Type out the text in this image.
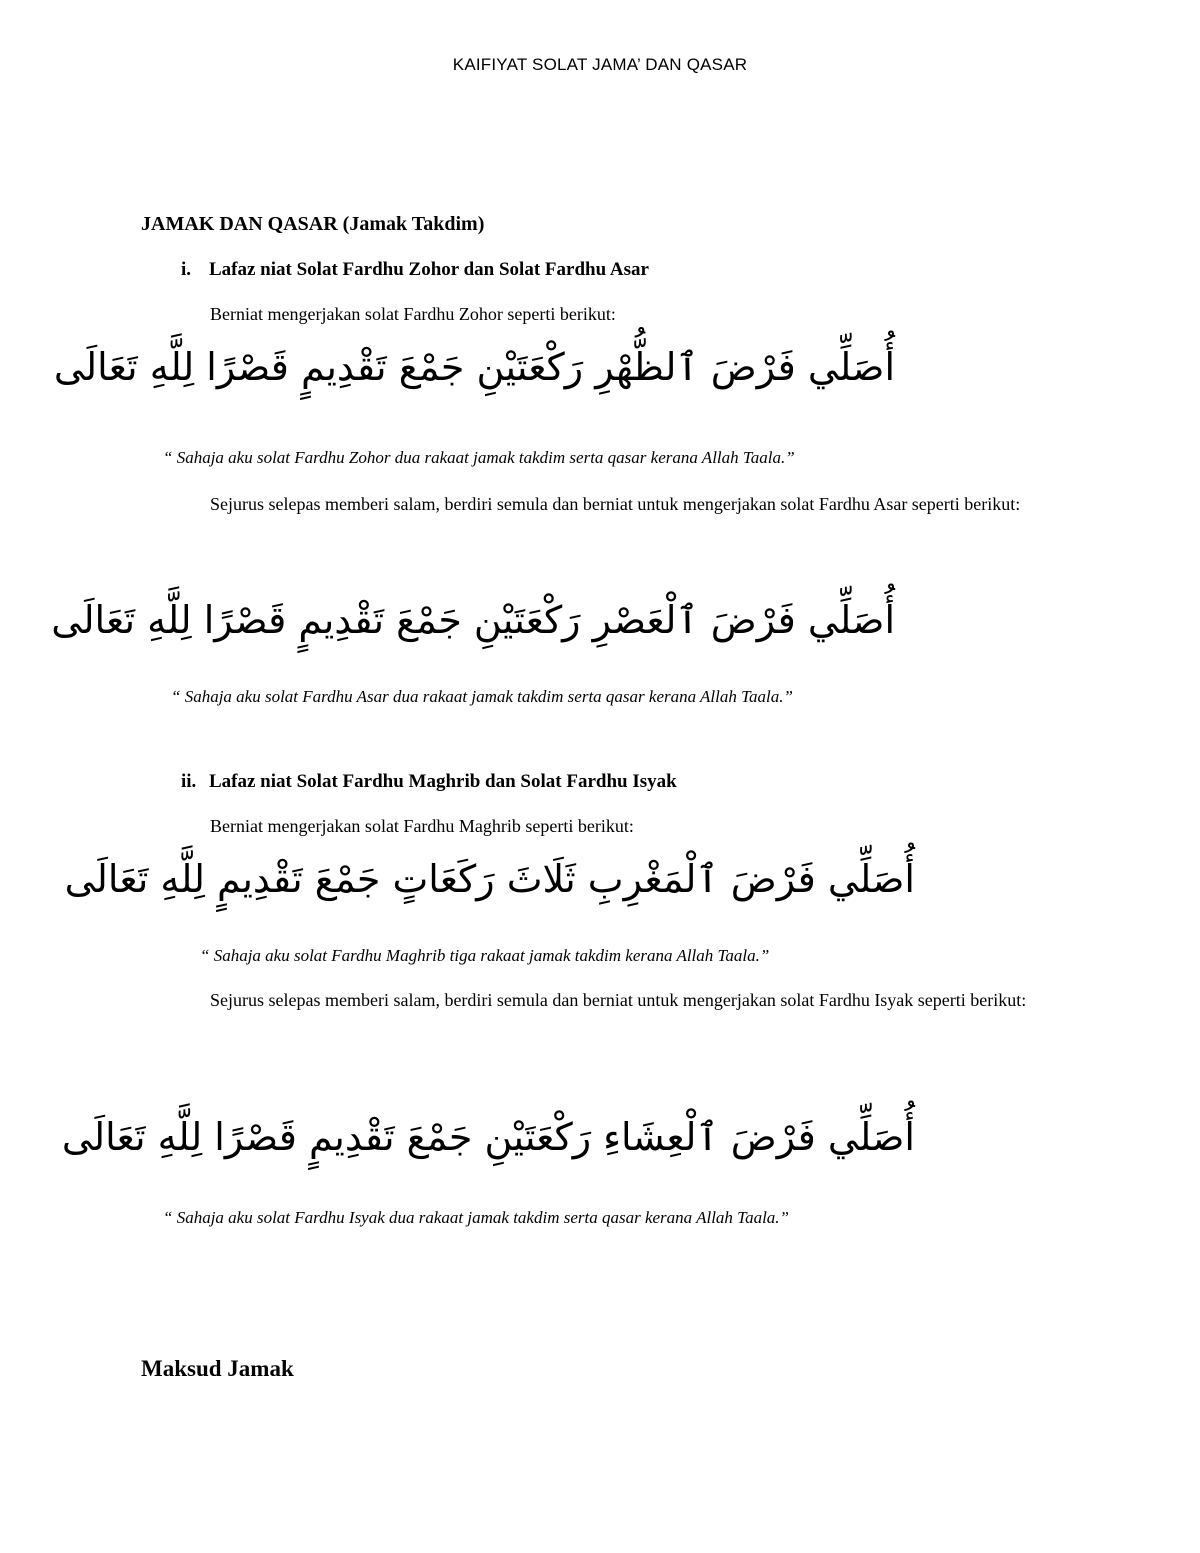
KAIFIYAT SOLAT JAMA’ DAN QASAR
JAMAK DAN QASAR (Jamak Takdim)
i. Lafaz niat Solat Fardhu Zohor dan Solat Fardhu Asar
Berniat mengerjakan solat Fardhu Zohor seperti berikut:
أُصَلِّي فَرْضَ ٱلظُّهْرِ رَكْعَتَيْنِ جَمْعَ تَقْدِيمٍ قَصْرًا لِلَّهِ تَعَالَى
“ Sahaja aku solat Fardhu Zohor dua rakaat jamak takdim serta qasar kerana Allah Taala.”
Sejurus selepas memberi salam, berdiri semula dan berniat untuk mengerjakan solat Fardhu Asar seperti berikut:
أُصَلِّي فَرْضَ ٱلْعَصْرِ رَكْعَتَيْنِ جَمْعَ تَقْدِيمٍ قَصْرًا لِلَّهِ تَعَالَى
“ Sahaja aku solat Fardhu Asar dua rakaat jamak takdim serta qasar kerana Allah Taala.”
ii. Lafaz niat Solat Fardhu Maghrib dan Solat Fardhu Isyak
Berniat mengerjakan solat Fardhu Maghrib seperti berikut:
أُصَلِّي فَرْضَ ٱلْمَغْرِبِ ثَلَاثَ رَكَعَاتٍ جَمْعَ تَقْدِيمٍ لِلَّهِ تَعَالَى
“ Sahaja aku solat Fardhu Maghrib tiga rakaat jamak takdim kerana Allah Taala.”
Sejurus selepas memberi salam, berdiri semula dan berniat untuk mengerjakan solat Fardhu Isyak seperti berikut:
أُصَلِّي فَرْضَ ٱلْعِشَاءِ رَكْعَتَيْنِ جَمْعَ تَقْدِيمٍ قَصْرًا لِلَّهِ تَعَالَى
“ Sahaja aku solat Fardhu Isyak dua rakaat jamak takdim serta qasar kerana Allah Taala.”
Maksud Jamak
